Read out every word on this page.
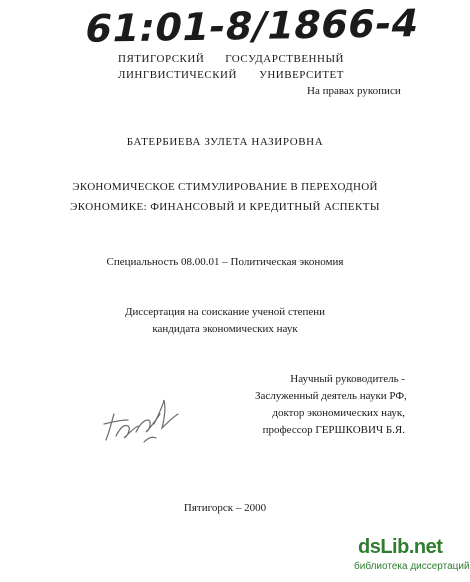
61:01-8/1866-4
ПЯТИГОРСКИЙ ГОСУДАРСТВЕННЫЙ
ЛИНГВИСТИЧЕСКИЙ УНИВЕРСИТЕТ
На правах рукописи
БАТЕРБИЕВА ЗУЛЕТА НАЗИРОВНА
ЭКОНОМИЧЕСКОЕ СТИМУЛИРОВАНИЕ В ПЕРЕХОДНОЙ
ЭКОНОМИКЕ: ФИНАНСОВЫЙ И КРЕДИТНЫЙ АСПЕКТЫ
Специальность 08.00.01 – Политическая экономия
Диссертация на соискание ученой степени
кандидата экономических наук
Научный руководитель -
Заслуженный деятель науки РФ,
доктор экономических наук,
профессор ГЕРШКОВИЧ Б.Я.
Пятигорск – 2000
dsLib.net
библиотека диссертаций
